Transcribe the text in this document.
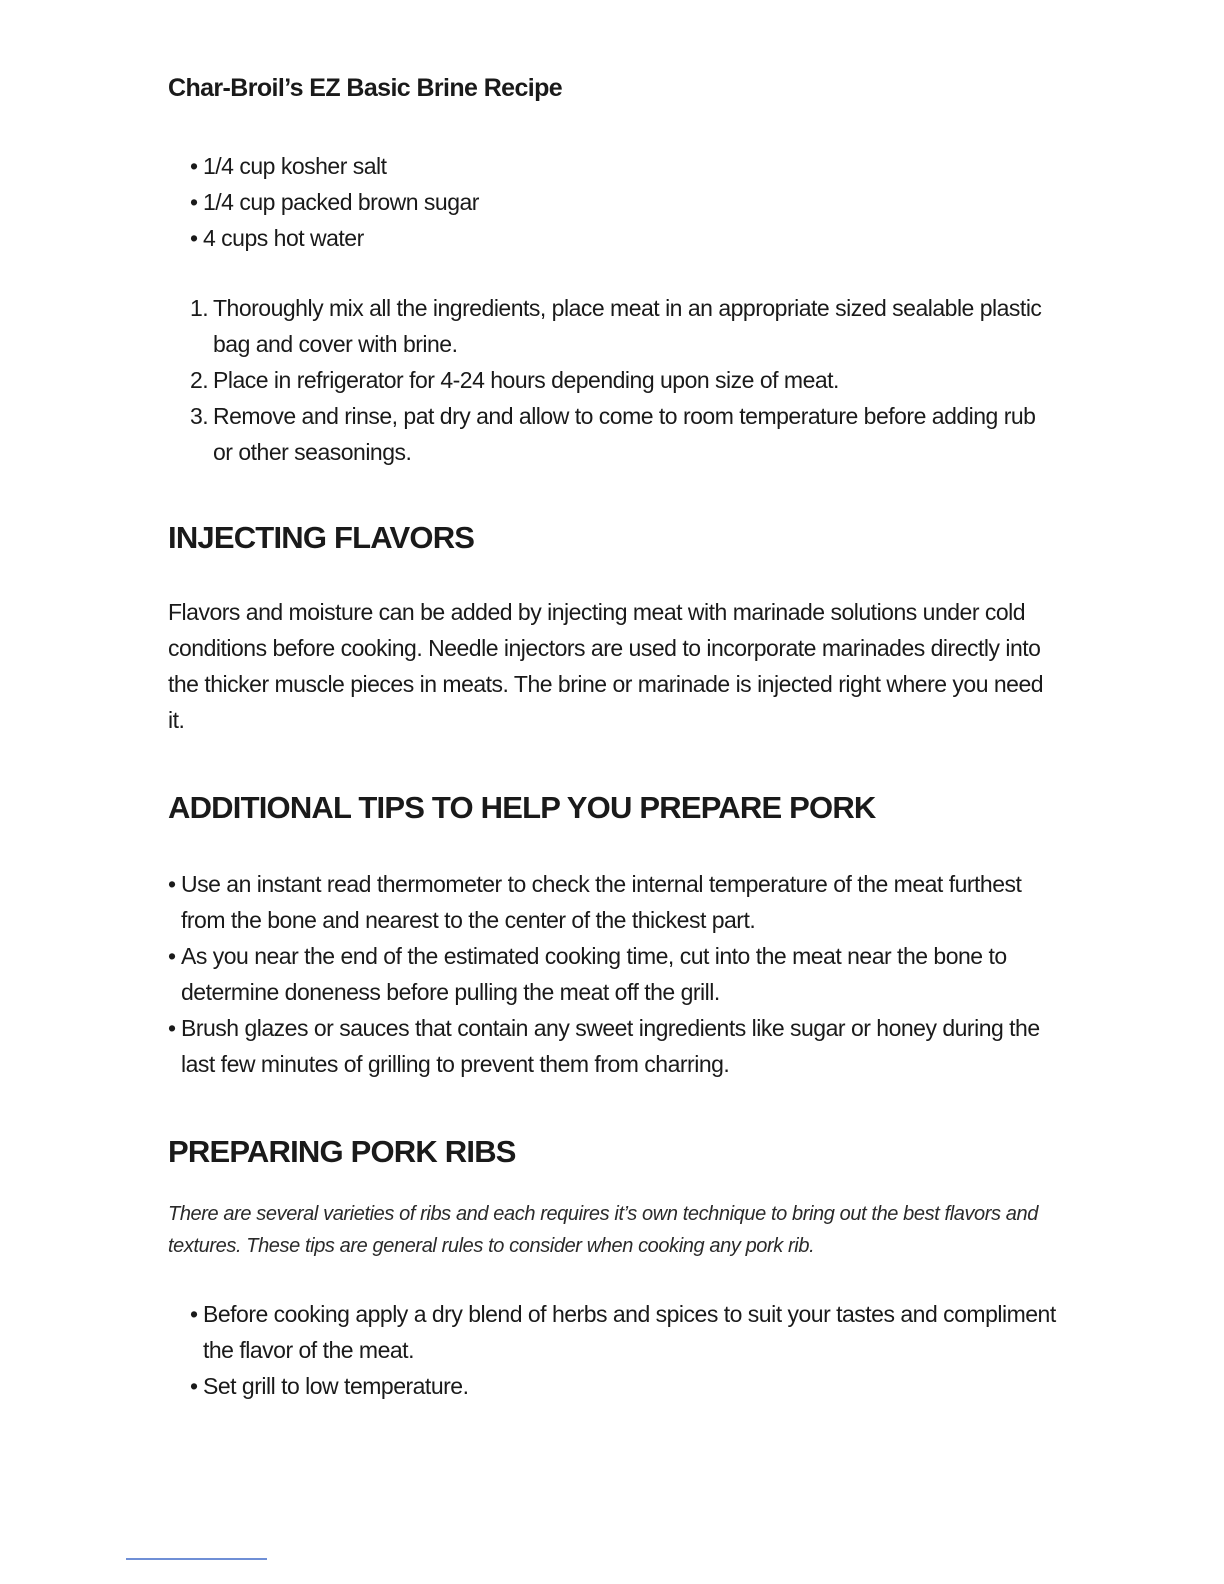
Char-Broil’s EZ Basic Brine Recipe
• 1/4 cup kosher salt
• 1/4 cup packed brown sugar
• 4 cups hot water
1. Thoroughly mix all the ingredients, place meat in an appropriate sized sealable plastic bag and cover with brine.
2. Place in refrigerator for 4-24 hours depending upon size of meat.
3. Remove and rinse, pat dry and allow to come to room temperature before adding rub or other seasonings.
INJECTING FLAVORS

Flavors and moisture can be added by injecting meat with marinade solutions under cold conditions before cooking. Needle injectors are used to incorporate marinades directly into the thicker muscle pieces in meats. The brine or marinade is injected right where you need it.

ADDITIONAL TIPS TO HELP YOU PREPARE PORK
• Use an instant read thermometer to check the internal temperature of the meat furthest from the bone and nearest to the center of the thickest part.
• As you near the end of the estimated cooking time, cut into the meat near the bone to determine doneness before pulling the meat off the grill.
• Brush glazes or sauces that contain any sweet ingredients like sugar or honey during the last few minutes of grilling to prevent them from charring.
PREPARING PORK RIBS

There are several varieties of ribs and each requires it’s own technique to bring out the best flavors and textures. These tips are general rules to consider when cooking any pork rib.

• Before cooking apply a dry blend of herbs and spices to suit your tastes and compliment the flavor of the meat.
• Set grill to low temperature.
